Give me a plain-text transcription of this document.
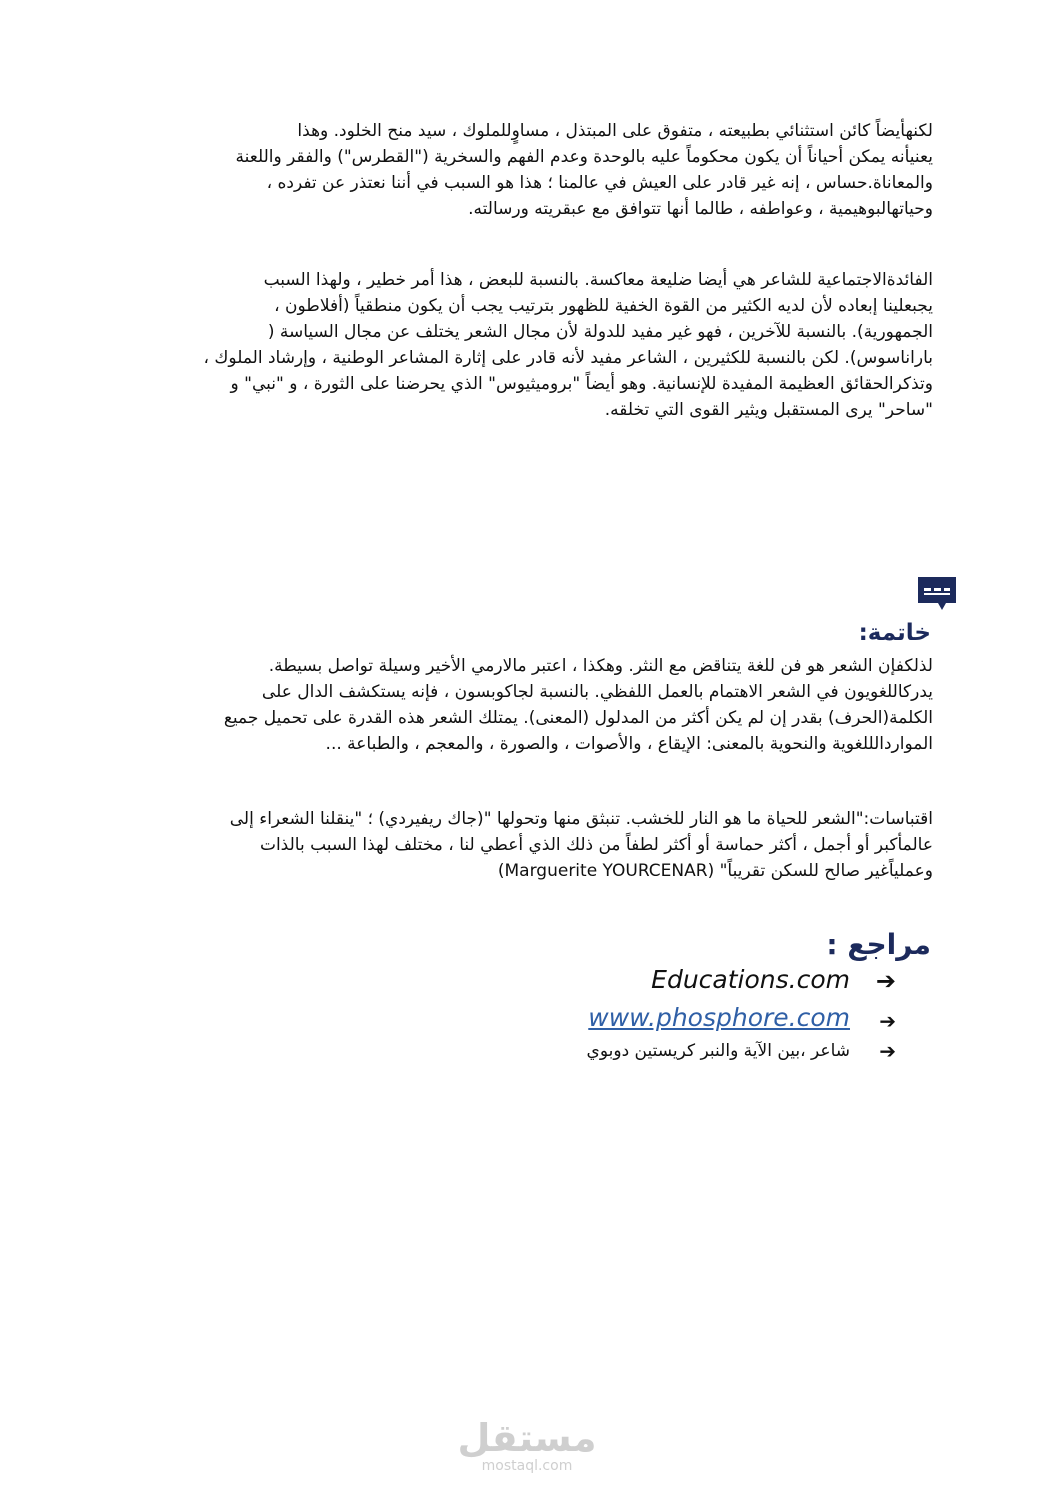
لكنهأيضاً كائن استثنائي بطبيعته ، متفوق على المبتذل ، مساوٍللملوك ، سيد منح الخلود. وهذا
يعنيأنه يمكن أحياناً أن يكون محكوماً عليه بالوحدة وعدم الفهم والسخرية ("القطرس") والفقر واللعنة
والمعاناة.حساس ، إنه غير قادر على العيش في عالمنا ؛ هذا هو السبب في أننا نعتذر عن تفرده ،
وحياتهالبوهيمية ، وعواطفه ، طالما أنها تتوافق مع عبقريته ورسالته.

الفائدةالاجتماعية للشاعر هي أيضا ضليعة معاكسة. بالنسبة للبعض ، هذا أمر خطير ، ولهذا السبب
يجبعلينا إبعاده لأن لديه الكثير من القوة الخفية للظهور بترتيب يجب أن يكون منطقياً (أفلاطون ،
الجمهورية). بالنسبة للآخرين ، فهو غير مفيد للدولة لأن مجال الشعر يختلف عن مجال السياسة (
باراناسوس). لكن بالنسبة للكثيرين ، الشاعر مفيد لأنه قادر على إثارة المشاعر الوطنية ، وإرشاد الملوك ،
وتذكرالحقائق العظيمة المفيدة للإنسانية. وهو أيضاً "بروميثيوس" الذي يحرضنا على الثورة ، و "نبي" و
"ساحر" يرى المستقبل ويثير القوى التي تخلقه.

خاتمة:

لذلكفإن الشعر هو فن للغة يتناقض مع النثر. وهكذا ، اعتبر مالارمي الأخير وسيلة تواصل بسيطة.
يدركاللغويون في الشعر الاهتمام بالعمل اللفظي. بالنسبة لجاكوبسون ، فإنه يستكشف الدال على
الكلمة(الحرف) بقدر إن لم يكن أكثر من المدلول (المعنى). يمتلك الشعر هذه القدرة على تحميل جميع
المواردالللغوية والنحوية بالمعنى: الإيقاع ، والأصوات ، والصورة ، والمعجم ، والطباعة ...

اقتباسات:"الشعر للحياة ما هو النار للخشب. تنبثق منها وتحولها "(جاك ريفيردي) ؛ "ينقلنا الشعراء إلى
عالمأكبر أو أجمل ، أكثر حماسة أو أكثر لطفاً من ذلك الذي أعطي لنا ، مختلف لهذا السبب بالذات
وعملياًغير صالح للسكن تقريباً" (Marguerite YOURCENAR)

مراجع :
➔
Educations.com
➔
www.phosphore.com
➔
شاعر ،بين الآية والنبر كريستين دوبوي
مستقل
mostaql.com
